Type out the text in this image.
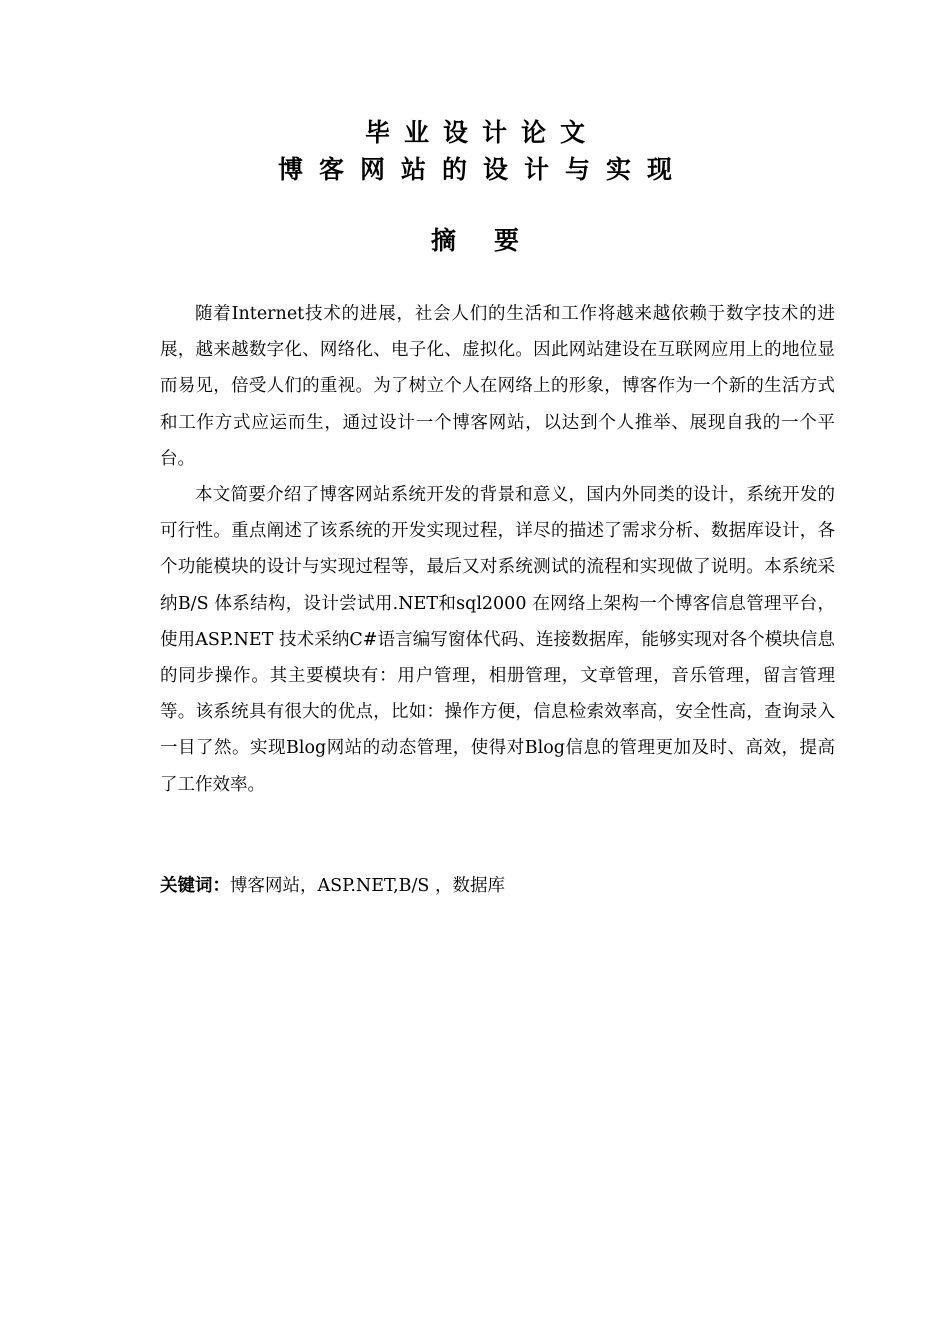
毕业设计论文
博客网站的设计与实现
摘要

随着Internet技术的进展，社会人们的生活和工作将越来越依赖于数字技术的进展，越来越数字化、网络化、电子化、虚拟化。因此网站建设在互联网应用上的地位显而易见，倍受人们的重视。为了树立个人在网络上的形象，博客作为一个新的生活方式和工作方式应运而生，通过设计一个博客网站，以达到个人推举、展现自我的一个平台。

本文简要介绍了博客网站系统开发的背景和意义，国内外同类的设计，系统开发的可行性。重点阐述了该系统的开发实现过程，详尽的描述了需求分析、数据库设计，各个功能模块的设计与实现过程等，最后又对系统测试的流程和实现做了说明。本系统采纳B/S 体系结构，设计尝试用.NET和sql2000 在网络上架构一个博客信息管理平台，使用ASP.NET 技术采纳C#语言编写窗体代码、连接数据库，能够实现对各个模块信息的同步操作。其主要模块有：用户管理，相册管理，文章管理，音乐管理，留言管理等。该系统具有很大的优点，比如：操作方便，信息检索效率高，安全性高，查询录入一目了然。实现Blog网站的动态管理，使得对Blog信息的管理更加及时、高效，提高了工作效率。

关键词：博客网站，ASP.NET,B/S ，数据库
